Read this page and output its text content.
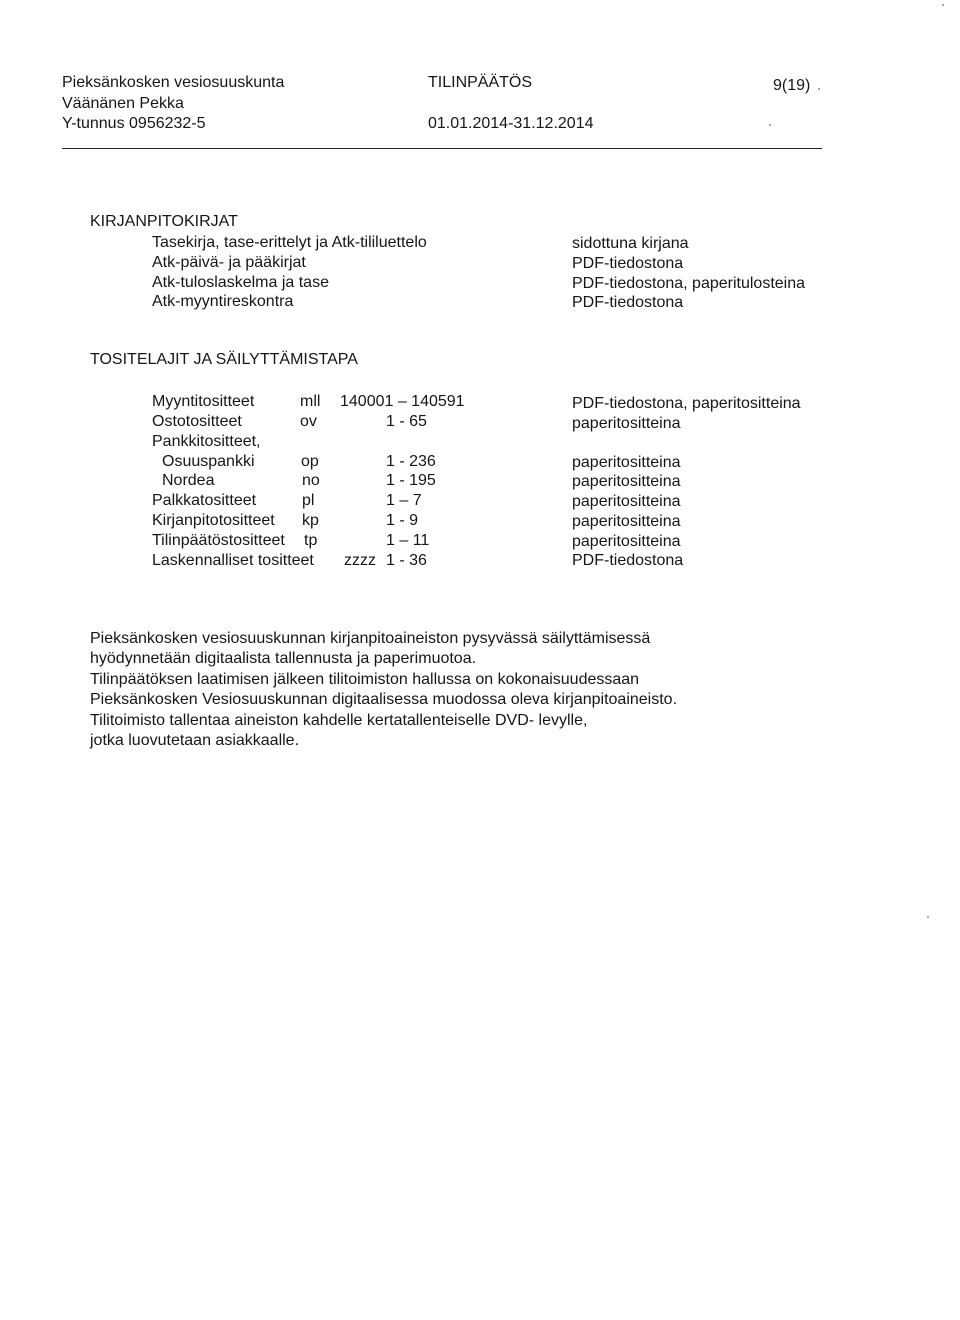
Pieksänkosken vesiosuuskunta
Väänänen Pekka
Y-tunnus 0956232-5
TILINPÄÄTÖS
01.01.2014-31.12.2014
9(19)
KIRJANPITOKIRJAT
Tasekirja, tase-erittelyt ja Atk-tililuettelo	sidottuna kirjana
Atk-päivä- ja pääkirjat	PDF-tiedostona
Atk-tuloslaskelma ja tase	PDF-tiedostona, paperitulosteina
Atk-myyntireskontra	PDF-tiedostona
TOSITELAJIT JA SÄILYTTÄMISTAPA
Myyntitositteet	mll 140001 – 140591	PDF-tiedostona, paperitositteina
Ostotositteet	ov	1 - 65	paperitositteina
Pankkitositteet,
Osuuspankki	op	1 - 236	paperitositteina
Nordea	no	1 - 195	paperitositteina
Palkkatositteet	pl	1 – 7	paperitositteina
Kirjanpitotositteet kp	1 - 9	paperitositteina
Tilinpäätöstositteet tp	1 – 11	paperitositteina
Laskennalliset tositteet zzzz 1 - 36	PDF-tiedostona
Pieksänkosken vesiosuuskunnan kirjanpitoaineiston pysyvässä säilyttämisessä
hyödynnetään digitaalista tallennusta ja paperimuotoa.
Tilinpäätöksen laatimisen jälkeen tilitoimiston hallussa on kokonaisuudessaan
Pieksänkosken Vesiosuuskunnan digitaalisessa muodossa oleva kirjanpitoaineisto.
Tilitoimisto tallentaa aineiston kahdelle kertatallenteiselle DVD- levylle,
jotka luovutetaan asiakkaalle.
